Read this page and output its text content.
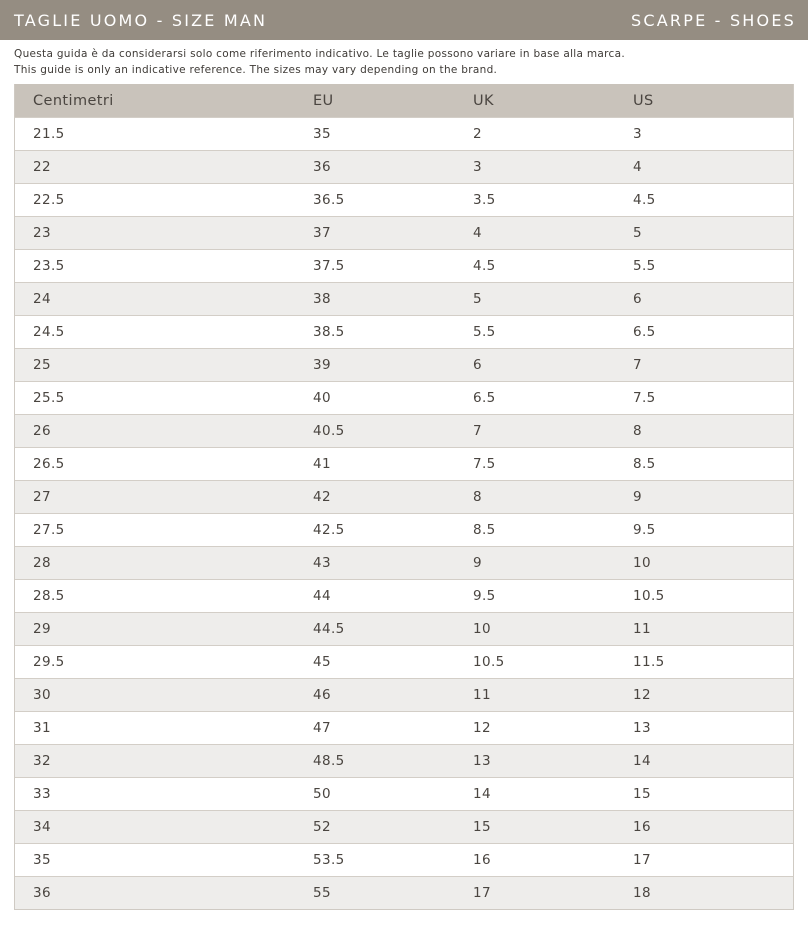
TAGLIE UOMO - SIZE MAN	SCARPE - SHOES
Questa guida è da considerarsi solo come riferimento indicativo. Le taglie possono variare in base alla marca.
This guide is only an indicative reference. The sizes may vary depending on the brand.
Centimetri	EU	UK	US
21.5	35	2	3
22	36	3	4
22.5	36.5	3.5	4.5
23	37	4	5
23.5	37.5	4.5	5.5
24	38	5	6
24.5	38.5	5.5	6.5
25	39	6	7
25.5	40	6.5	7.5
26	40.5	7	8
26.5	41	7.5	8.5
27	42	8	9
27.5	42.5	8.5	9.5
28	43	9	10
28.5	44	9.5	10.5
29	44.5	10	11
29.5	45	10.5	11.5
30	46	11	12
31	47	12	13
32	48.5	13	14
33	50	14	15
34	52	15	16
35	53.5	16	17
36	55	17	18
